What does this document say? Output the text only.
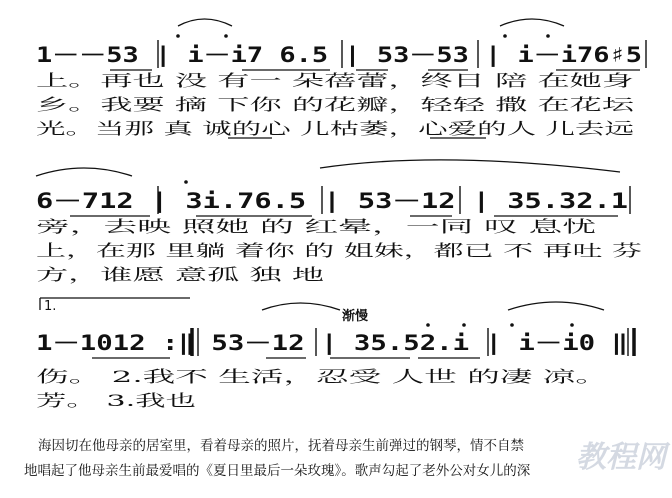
1－－53 | i－i7 6.5 | 53－53 | i－i76♯5
上。再也 没 有一 朵蓓蕾，终日 陪 在她身
乡。我要 摘 下你 的花瓣，轻轻 撒 在花坛
光。当那 真 诚的心 儿枯萎，心爱的人 儿去远
6－712 | 3i.76.5 | 53－12 | 35.32.1
旁，去映 照她 的 红晕，一同 叹 息忧
上，在那 里躺 着你 的 姐妹，都已 不 再吐 芬
方，谁愿 意孤 独 地
1.
渐慢
1－1012 :‖ 53－12 | 35.52.i | i－i0 ‖
伤。 2.我不 生活，忍受 人世 的凄 凉。
芳。 3.我也
海因切在他母亲的居室里，看着母亲的照片，抚着母亲生前弹过的钢琴，情不自禁
地唱起了他母亲生前最爱唱的《夏日里最后一朵玫瑰》。歌声勾起了老外公对女儿的深	教程网
